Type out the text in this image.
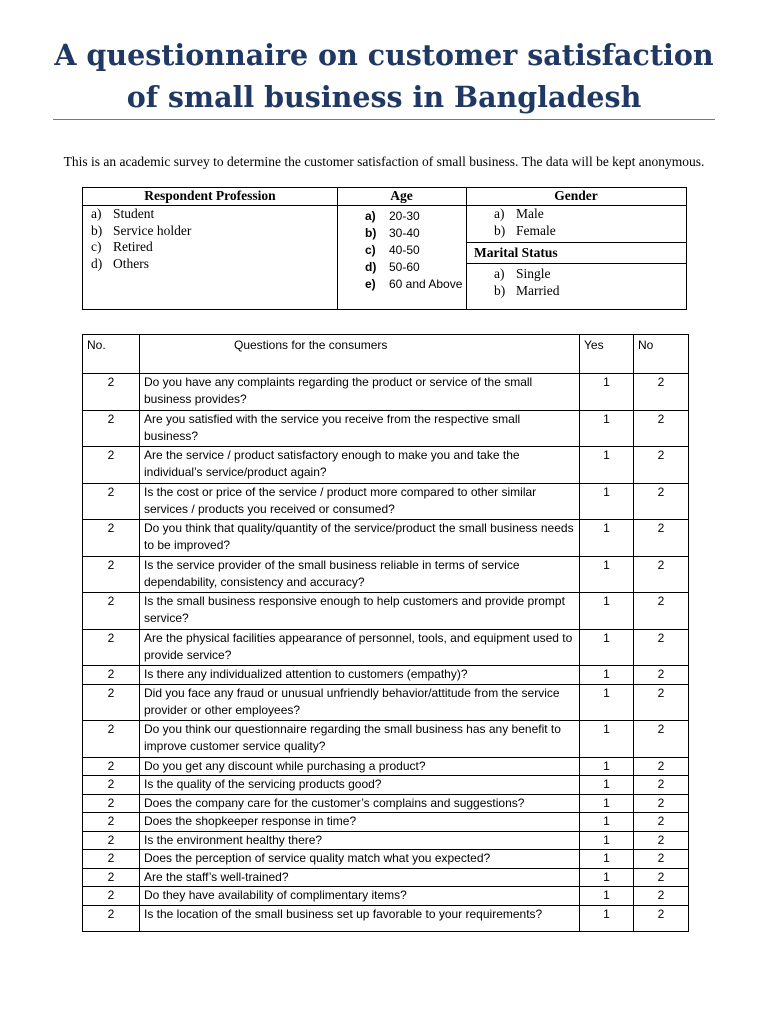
A questionnaire on customer satisfaction
of small business in Bangladesh
This is an academic survey to determine the customer satisfaction of small business. The data will be kept anonymous.
Respondent Profession
a) Student
b) Service holder
c) Retired
d) Others
Age
a) 20-30
b) 30-40
c) 40-50
d) 50-60
e) 60 and Above
Gender
a) Male
b) Female
Marital Status
a) Single
b) Married
No.	Questions for the consumers	Yes	No
2	Do you have any complaints regarding the product or service of the small business provides?	1	2
2	Are you satisfied with the service you receive from the respective small business?	1	2
2	Are the service / product satisfactory enough to make you and take the individual’s service/product again?	1	2
2	Is the cost or price of the service / product more compared to other similar services / products you received or consumed?	1	2
2	Do you think that quality/quantity of the service/product the small business needs to be improved?	1	2
2	Is the service provider of the small business reliable in terms of service dependability, consistency and accuracy?	1	2
2	Is the small business responsive enough to help customers and provide prompt service?	1	2
2	Are the physical facilities appearance of personnel, tools, and equipment used to provide service?	1	2
2	Is there any individualized attention to customers (empathy)?	1	2
2	Did you face any fraud or unusual unfriendly behavior/attitude from the service provider or other employees?	1	2
2	Do you think our questionnaire regarding the small business has any benefit to improve customer service quality?	1	2
2	Do you get any discount while purchasing a product?	1	2
2	Is the quality of the servicing products good?	1	2
2	Does the company care for the customer’s complains and suggestions?	1	2
2	Does the shopkeeper response in time?	1	2
2	Is the environment healthy there?	1	2
2	Does the perception of service quality match what you expected?	1	2
2	Are the staff’s well-trained?	1	2
2	Do they have availability of complimentary items?	1	2
2	Is the location of the small business set up favorable to your requirements?	1	2
